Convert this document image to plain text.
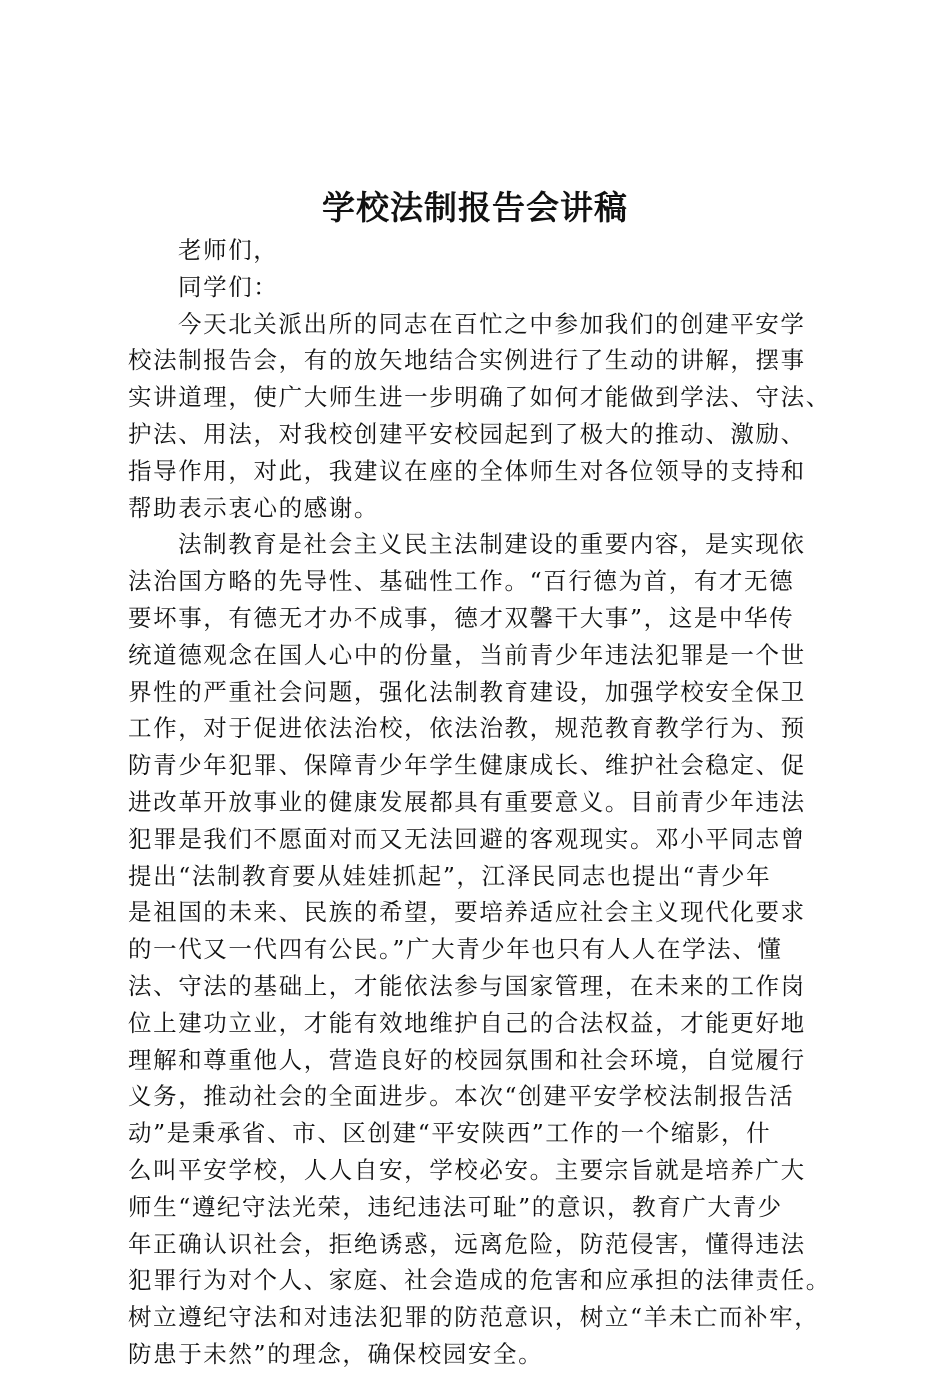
学校法制报告会讲稿
老师们，
同学们：
今天北关派出所的同志在百忙之中参加我们的创建平安学
校法制报告会，有的放矢地结合实例进行了生动的讲解，摆事
实讲道理，使广大师生进一步明确了如何才能做到学法、守法、
护法、用法，对我校创建平安校园起到了极大的推动、激励、
指导作用，对此，我建议在座的全体师生对各位领导的支持和
帮助表示衷心的感谢。
法制教育是社会主义民主法制建设的重要内容，是实现依
法治国方略的先导性、基础性工作。“百行德为首，有才无德
要坏事，有德无才办不成事，德才双馨干大事”，这是中华传
统道德观念在国人心中的份量，当前青少年违法犯罪是一个世
界性的严重社会问题，强化法制教育建设，加强学校安全保卫
工作，对于促进依法治校，依法治教，规范教育教学行为、预
防青少年犯罪、保障青少年学生健康成长、维护社会稳定、促
进改革开放事业的健康发展都具有重要意义。目前青少年违法
犯罪是我们不愿面对而又无法回避的客观现实。邓小平同志曾
提出“法制教育要从娃娃抓起”，江泽民同志也提出“青少年
是祖国的未来、民族的希望，要培养适应社会主义现代化要求
的一代又一代四有公民。”广大青少年也只有人人在学法、懂
法、守法的基础上，才能依法参与国家管理，在未来的工作岗
位上建功立业，才能有效地维护自己的合法权益，才能更好地
理解和尊重他人，营造良好的校园氛围和社会环境，自觉履行
义务，推动社会的全面进步。本次“创建平安学校法制报告活
动”是秉承省、市、区创建“平安陕西”工作的一个缩影，什
么叫平安学校，人人自安，学校必安。主要宗旨就是培养广大
师生“遵纪守法光荣，违纪违法可耻”的意识，教育广大青少
年正确认识社会，拒绝诱惑，远离危险，防范侵害，懂得违法
犯罪行为对个人、家庭、社会造成的危害和应承担的法律责任。
树立遵纪守法和对违法犯罪的防范意识，树立“羊未亡而补牢，
防患于未然”的理念，确保校园安全。
